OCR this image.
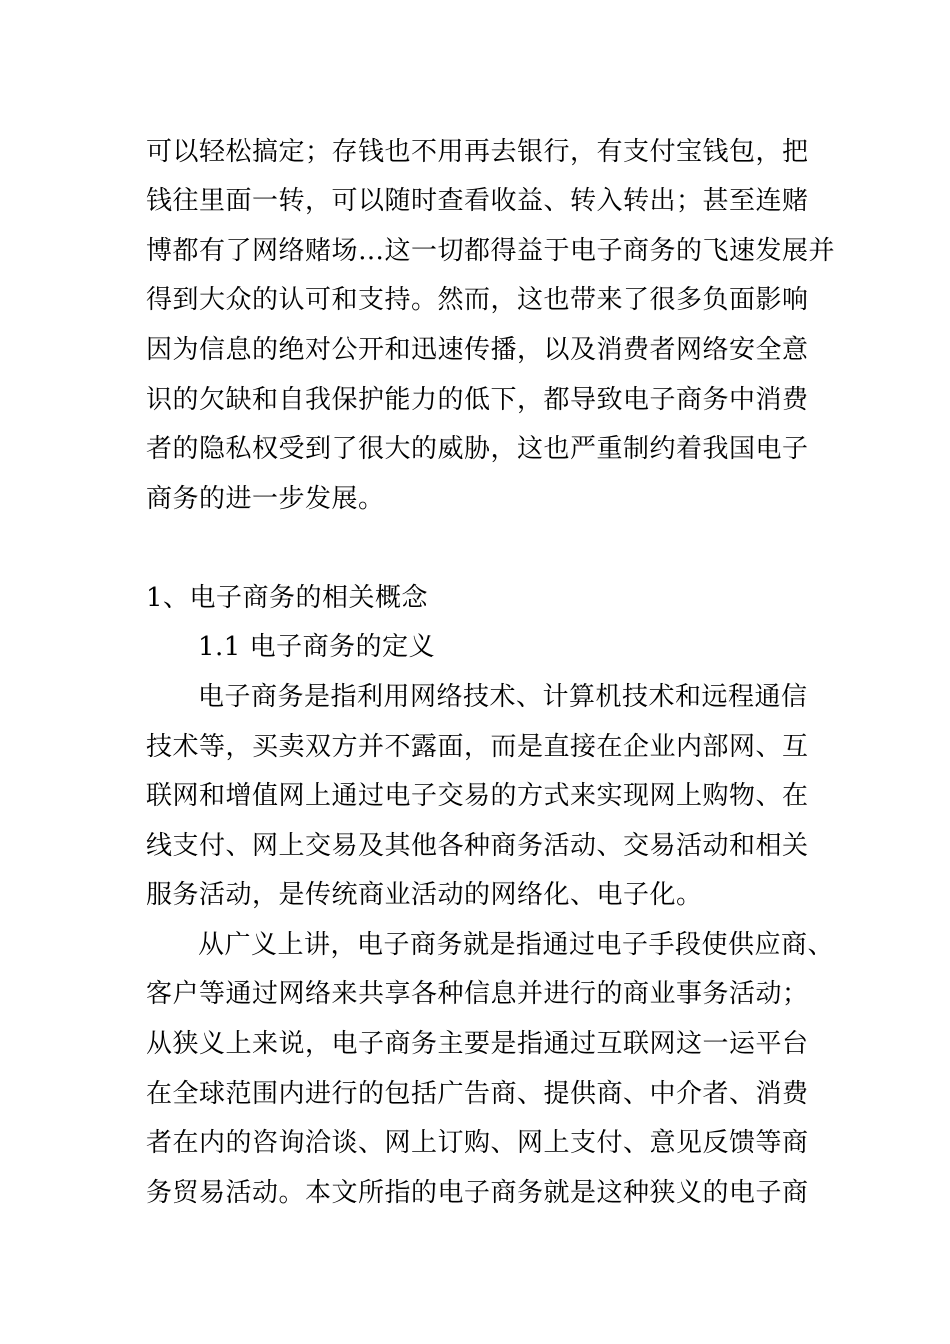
可以轻松搞定；存钱也不用再去银行，有支付宝钱包，把
钱往里面一转，可以随时查看收益、转入转出；甚至连赌
博都有了网络赌场…这一切都得益于电子商务的飞速发展并
得到大众的认可和支持。然而，这也带来了很多负面影响
因为信息的绝对公开和迅速传播，以及消费者网络安全意
识的欠缺和自我保护能力的低下，都导致电子商务中消费
者的隐私权受到了很大的威胁，这也严重制约着我国电子
商务的进一步发展。
1、电子商务的相关概念
1.1 电子商务的定义
电子商务是指利用网络技术、计算机技术和远程通信
技术等，买卖双方并不露面，而是直接在企业内部网、互
联网和增值网上通过电子交易的方式来实现网上购物、在
线支付、网上交易及其他各种商务活动、交易活动和相关
服务活动，是传统商业活动的网络化、电子化。
从广义上讲，电子商务就是指通过电子手段使供应商、
客户等通过网络来共享各种信息并进行的商业事务活动；
从狭义上来说，电子商务主要是指通过互联网这一运平台
在全球范围内进行的包括广告商、提供商、中介者、消费
者在内的咨询洽谈、网上订购、网上支付、意见反馈等商
务贸易活动。本文所指的电子商务就是这种狭义的电子商
